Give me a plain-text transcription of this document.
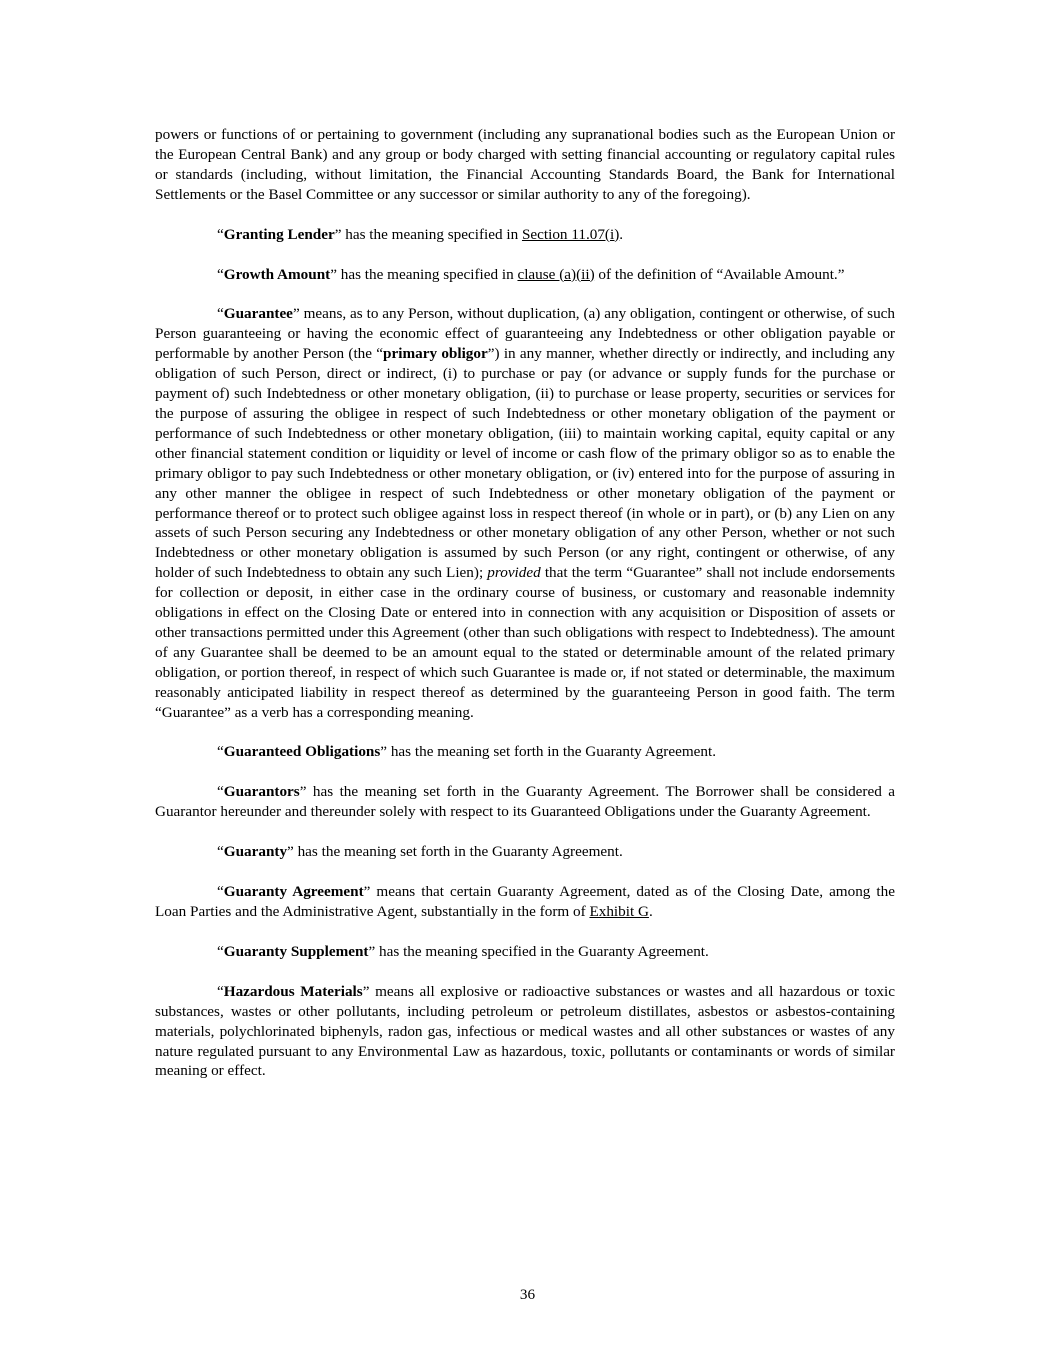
powers or functions of or pertaining to government (including any supranational bodies such as the European Union or the European Central Bank) and any group or body charged with setting financial accounting or regulatory capital rules or standards (including, without limitation, the Financial Accounting Standards Board, the Bank for International Settlements or the Basel Committee or any successor or similar authority to any of the foregoing).

“Granting Lender” has the meaning specified in Section 11.07(i).

“Growth Amount” has the meaning specified in clause (a)(ii) of the definition of “Available Amount.”

“Guarantee” means, as to any Person, without duplication, (a) any obligation, contingent or otherwise, of such Person guaranteeing or having the economic effect of guaranteeing any Indebtedness or other obligation payable or performable by another Person (the “primary obligor”) in any manner, whether directly or indirectly, and including any obligation of such Person, direct or indirect, (i) to purchase or pay (or advance or supply funds for the purchase or payment of) such Indebtedness or other monetary obligation, (ii) to purchase or lease property, securities or services for the purpose of assuring the obligee in respect of such Indebtedness or other monetary obligation of the payment or performance of such Indebtedness or other monetary obligation, (iii) to maintain working capital, equity capital or any other financial statement condition or liquidity or level of income or cash flow of the primary obligor so as to enable the primary obligor to pay such Indebtedness or other monetary obligation, or (iv) entered into for the purpose of assuring in any other manner the obligee in respect of such Indebtedness or other monetary obligation of the payment or performance thereof or to protect such obligee against loss in respect thereof (in whole or in part), or (b) any Lien on any assets of such Person securing any Indebtedness or other monetary obligation of any other Person, whether or not such Indebtedness or other monetary obligation is assumed by such Person (or any right, contingent or otherwise, of any holder of such Indebtedness to obtain any such Lien); provided that the term “Guarantee” shall not include endorsements for collection or deposit, in either case in the ordinary course of business, or customary and reasonable indemnity obligations in effect on the Closing Date or entered into in connection with any acquisition or Disposition of assets or other transactions permitted under this Agreement (other than such obligations with respect to Indebtedness). The amount of any Guarantee shall be deemed to be an amount equal to the stated or determinable amount of the related primary obligation, or portion thereof, in respect of which such Guarantee is made or, if not stated or determinable, the maximum reasonably anticipated liability in respect thereof as determined by the guaranteeing Person in good faith. The term “Guarantee” as a verb has a corresponding meaning.

“Guaranteed Obligations” has the meaning set forth in the Guaranty Agreement.

“Guarantors” has the meaning set forth in the Guaranty Agreement. The Borrower shall be considered a Guarantor hereunder and thereunder solely with respect to its Guaranteed Obligations under the Guaranty Agreement.

“Guaranty” has the meaning set forth in the Guaranty Agreement.

“Guaranty Agreement” means that certain Guaranty Agreement, dated as of the Closing Date, among the Loan Parties and the Administrative Agent, substantially in the form of Exhibit G.

“Guaranty Supplement” has the meaning specified in the Guaranty Agreement.

“Hazardous Materials” means all explosive or radioactive substances or wastes and all hazardous or toxic substances, wastes or other pollutants, including petroleum or petroleum distillates, asbestos or asbestos-containing materials, polychlorinated biphenyls, radon gas, infectious or medical wastes and all other substances or wastes of any nature regulated pursuant to any Environmental Law as hazardous, toxic, pollutants or contaminants or words of similar meaning or effect.

36
